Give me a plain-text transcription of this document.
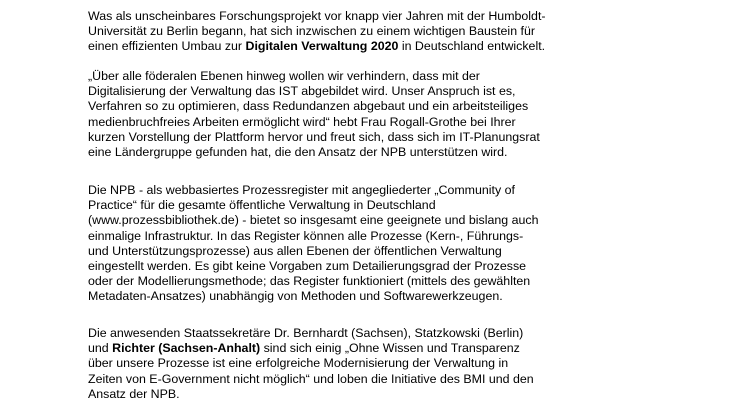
Was als unscheinbares Forschungsprojekt vor knapp vier Jahren mit der Humboldt-
Universität zu Berlin begann, hat sich inzwischen zu einem wichtigen Baustein für
einen effizienten Umbau zur Digitalen Verwaltung 2020 in Deutschland entwickelt.

„Über alle föderalen Ebenen hinweg wollen wir verhindern, dass mit der
Digitalisierung der Verwaltung das IST abgebildet wird. Unser Anspruch ist es,
Verfahren so zu optimieren, dass Redundanzen abgebaut und ein arbeitsteiliges
medienbruchfreies Arbeiten ermöglicht wird“ hebt Frau Rogall-Grothe bei Ihrer
kurzen Vorstellung der Plattform hervor und freut sich, dass sich im IT-Planungsrat
eine Ländergruppe gefunden hat, die den Ansatz der NPB unterstützen wird.

Die NPB - als webbasiertes Prozessregister mit angegliederter „Community of
Practice“ für die gesamte öffentliche Verwaltung in Deutschland
(www.prozessbibliothek.de) - bietet so insgesamt eine geeignete und bislang auch
einmalige Infrastruktur. In das Register können alle Prozesse (Kern-, Führungs-
und Unterstützungsprozesse) aus allen Ebenen der öffentlichen Verwaltung
eingestellt werden. Es gibt keine Vorgaben zum Detailierungsgrad der Prozesse
oder der Modellierungsmethode; das Register funktioniert (mittels des gewählten
Metadaten-Ansatzes) unabhängig von Methoden und Softwarewerkzeugen.

Die anwesenden Staatssekretäre Dr. Bernhardt (Sachsen), Statzkowski (Berlin)
und Richter (Sachsen-Anhalt) sind sich einig „Ohne Wissen und Transparenz
über unsere Prozesse ist eine erfolgreiche Modernisierung der Verwaltung in
Zeiten von E-Government nicht möglich“ und loben die Initiative des BMI und den
Ansatz der NPB.
